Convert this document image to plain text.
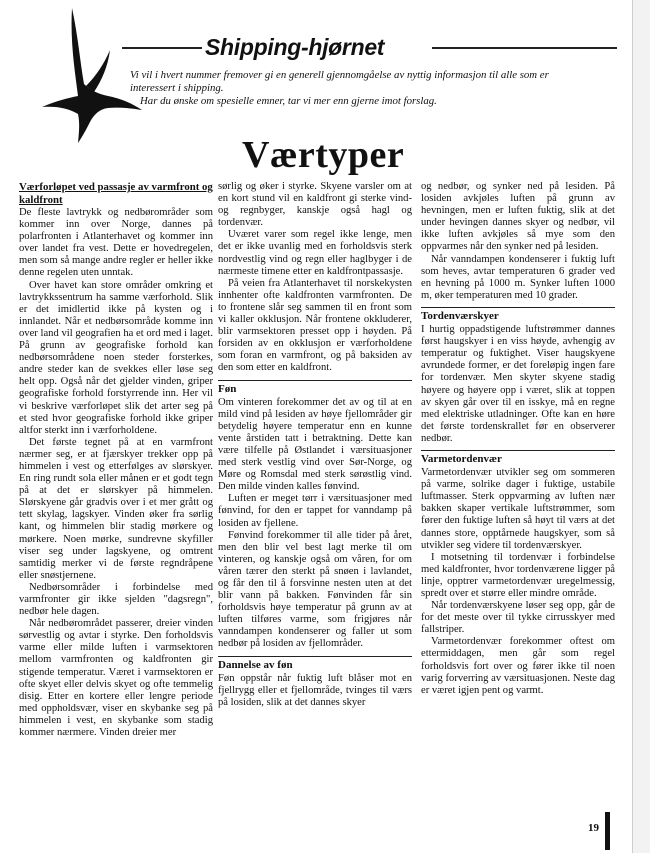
Shipping-hjørnet

Vi vil i hvert nummer fremover gi en generell gjennomgåelse av nyttig informasjon til alle som er interessert i shipping.

Har du ønske om spesielle emner, tar vi mer enn gjerne imot forslag.

Værtyper
Værforløpet ved passasje av varmfront og kaldfront

De fleste lavtrykk og nedbørområder som kommer inn over Norge, dannes på polarfronten i Atlanterhavet og kommer inn over landet fra vest. Dette er hovedregelen, men som så mange andre regler er heller ikke denne regelen uten unntak.

Over havet kan store områder omkring et lavtrykkssentrum ha samme værforhold. Slik er det imidlertid ikke på kysten og i innlandet. Når et nedbørsområde komme inn over land vil geografien ha et ord med i laget. På grunn av geografiske forhold kan nedbørsområdene noen steder forsterkes, andre steder kan de svekkes eller løse seg helt opp. Også når det gjelder vinden, griper geografiske forhold forstyrrende inn. Her vil vi beskrive værforløpet slik det arter seg på et sted hvor geografiske forhold ikke griper altfor sterkt inn i værforholdene.

Det første tegnet på at en varmfront nærmer seg, er at fjærskyer trekker opp på himmelen i vest og etterfølges av slørskyer. En ring rundt sola eller månen er et godt tegn på at det er slørskyer på himmelen. Slørskyene går gradvis over i et mer grått og tett skylag, lagskyer. Vinden øker fra sørlig kant, og himmelen blir stadig mørkere og mørkere. Noen mørke, sundrevne skyfiller viser seg under lagskyene, og omtrent samtidig merker vi de første regndråpene eller snøstjernene.

Nedbørsområder i forbindelse med varmfronter gir ikke sjelden "dagsregn", nedbør hele dagen.

Når nedbørområdet passerer, dreier vinden sørvestlig og avtar i styrke. Den forholdsvis varme eller milde luften i varmsektoren mellom varmfronten og kaldfronten gir stigende temperatur. Været i varmsektoren er ofte skyet eller delvis skyet og ofte temmelig disig. Etter en kortere eller lengre periode med oppholdsvær, viser en skybanke seg på himmelen i vest, en skybanke som stadig kommer nærmere. Vinden dreier mer

sørlig og øker i styrke. Skyene varsler om at en kort stund vil en kaldfront gi sterke vind- og regnbyger, kanskje også hagl og tordenvær.

Uværet varer som regel ikke lenge, men det er ikke uvanlig med en forholdsvis sterk nordvestlig vind og regn eller haglbyger i de nærmeste timene etter en kaldfrontpassasje.

På veien fra Atlanterhavet til norskekysten innhenter ofte kaldfronten varmfronten. De to frontene slår seg sammen til en front som vi kaller okklusjon. Når frontene okkluderer, blir varmsektoren presset opp i høyden. På forsiden av en okklusjon er værforholdene som foran en varmfront, og på baksiden av den som etter en kaldfront.

Føn

Om vinteren forekommer det av og til at en mild vind på lesiden av høye fjellområder gir betydelig høyere temperatur enn en kunne vente årstiden tatt i betraktning. Dette kan være tilfelle på Østlandet i værsituasjoner med sterk vestlig vind over Sør-Norge, og Møre og Romsdal med sterk sørøstlig vind. Den milde vinden kalles fønvind.

Luften er meget tørr i værsituasjoner med fønvind, for den er tappet for vanndamp på losiden av fjellene.

Fønvind forekommer til alle tider på året, men den blir vel best lagt merke til om vinteren, og kanskje også om våren, for om våren tærer den sterkt på snøen i lavlandet, og får den til å forsvinne nesten uten at det blir vann på bakken. Fønvinden får sin forholdsvis høye temperatur på grunn av at luften tilføres varme, som frigjøres når vanndampen kondenserer og faller ut som nedbør på losiden av fjellområder.

Dannelse av føn

Føn oppstår når fuktig luft blåser mot en fjellrygg eller et fjellområde, tvinges til værs på losiden, slik at det dannes skyer

og nedbør, og synker ned på lesiden. På losiden avkjøles luften på grunn av hevningen, men er luften fuktig, slik at det under hevingen dannes skyer og nedbør, vil ikke luften avkjøles så mye som den oppvarmes når den synker ned på lesiden.

Når vanndampen kondenserer i fuktig luft som heves, avtar temperaturen 6 grader ved en hevning på 1000 m. Synker luften 1000 m, øker temperaturen med 10 grader.

Tordenværskyer

I hurtig oppadstigende luftstrømmer dannes først haugskyer i en viss høyde, avhengig av temperatur og fuktighet. Viser haugskyene avrundede former, er det foreløpig ingen fare for tordenvær. Men skyter skyene stadig høyere og høyere opp i været, slik at toppen av skyen går over til en isskye, må en regne med elektriske utladninger. Ofte kan en høre det første tordenskrallet før en observerer nedbør.

Varmetordenvær

Varmetordenvær utvikler seg om sommeren på varme, solrike dager i fuktige, ustabile luftmasser. Sterk oppvarming av luften nær bakken skaper vertikale luftstrømmer, som fører den fuktige luften så høyt til værs at det dannes store, opptårnede haugskyer, som så utvikler seg videre til tordenværskyer.

I motsetning til tordenvær i forbindelse med kaldfronter, hvor tordenværene ligger på linje, opptrer varmetordenvær uregelmessig, spredt over et større eller mindre område.

Når tordenværskyene løser seg opp, går de for det meste over til tykke cirrusskyer med fallstriper.

Varmetordenvær forekommer oftest om ettermiddagen, men går som regel forholdsvis fort over og fører ikke til noen varig forverring av værsituasjonen. Neste dag er været igjen pent og varmt.

19
